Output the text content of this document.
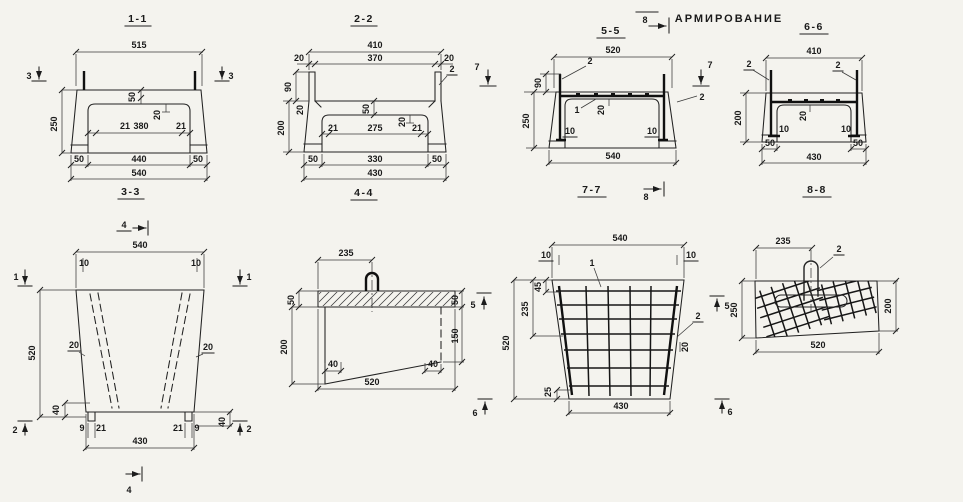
1-1
3	3
515
50
20
21 380	21
250
50	440	50
540
2-2
2
410
370
20	20
90
20
200
50
20
21	275	21
50	330	50
430
АРМИРОВАНИЕ
5-5
7	7
8
8
520
90
250
20
1
2
2
10	10
540
7-7
6-6
2	2
410
200	20
10	10
50	50
430
8-8
3-3
4
1	1
2	2
540
10	10
520
20	20
40
40
9 21	21 9
430
4
4-4
235
50
200
50
150
40	40
520
5
6
10	10
540
45
235
520
25
20
1
2
430
5
6
2
235
250	200
520
